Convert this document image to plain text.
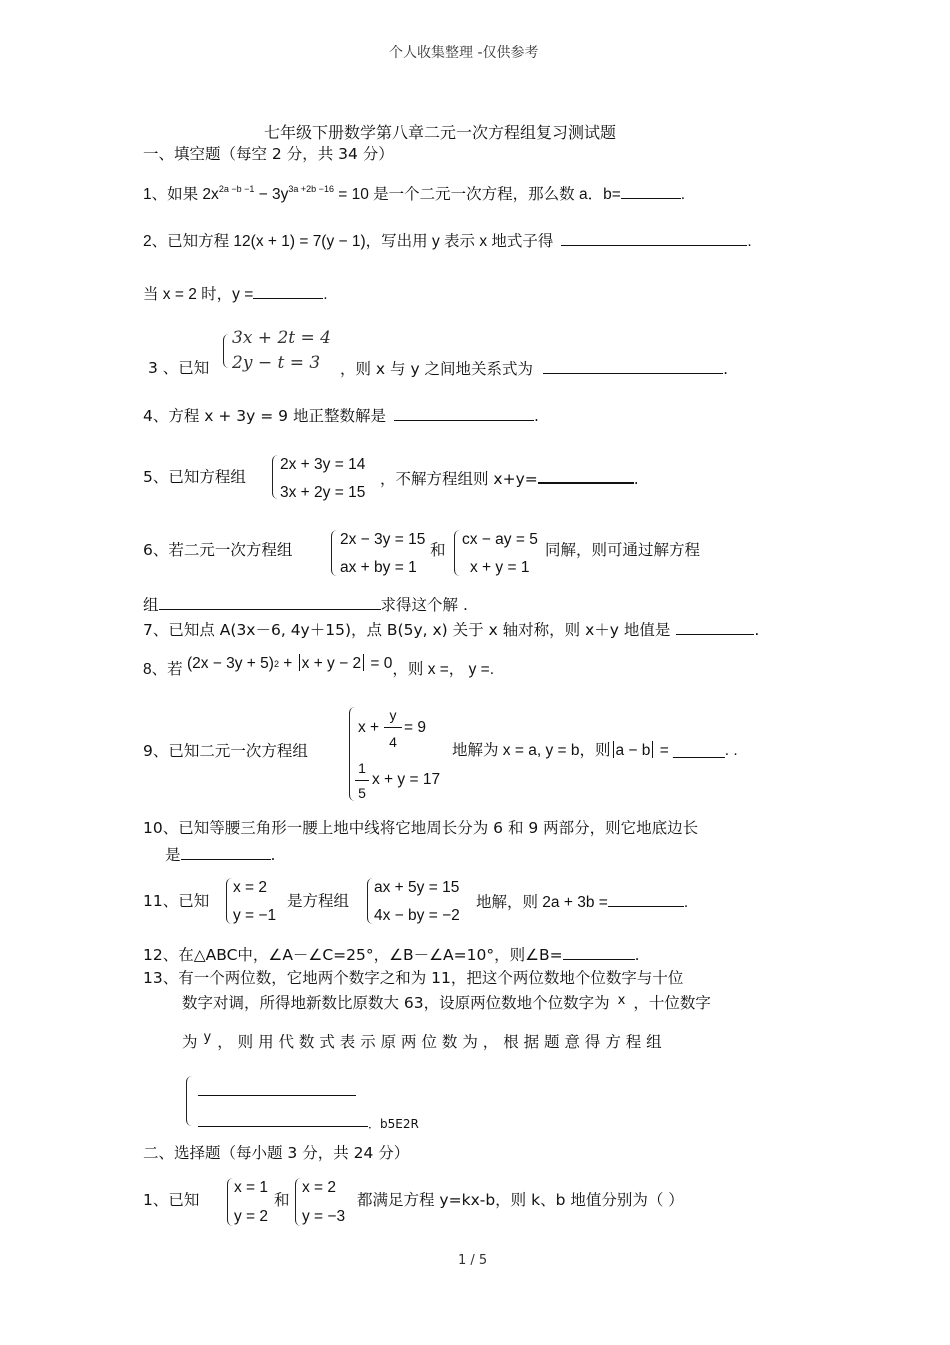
个人收集整理 -仅供参考
七年级下册数学第八章二元一次方程组复习测试题
一、填空题（每空 2 分，共 34 分）
1、如果 $2x^{2a -b -1} - 3y^{3a +2b -16} = 10$ 是一个二元一次方程，那么数 a．b=	.
2、已知方程 12(x + 1) = 7(y − 1)，写出用 y 表示 x 地式子得	.
当 x = 2 时，y =	.
3x + 2t = 4
2y − t = 3
3 、已知	，则 x 与 y 之间地关系式为	.
4、方程 x + 3y = 9 地正整数解是	.
5、已知方程组
2x + 3y = 14
3x + 2y = 15
，不解方程组则 x+y=	.
6、若二元一次方程组
2x − 3y = 15
ax + by = 1
和
cx − ay = 5
x + y = 1
同解，则可通过解方程
组	求得这个解 .
7、已知点 A(3x－6, 4y＋15)，点 B(5y, x) 关于 x 轴对称，则 x＋y 地值是	.
8、若 $(2x - 3y + 5)^2 + x + y - 2 = 0$，则 x =， y =.
9、已知二元一次方程组
x +
y
4
= 9
1
5
x + y = 17
地解为 x = a, y = b，则 a − b = ______. .
10、已知等腰三角形一腰上地中线将它地周长分为 6 和 9 两部分，则它地底边长
是	.
11、已知
x = 2
y = −1
是方程组
ax + 5y = 15
4x − by = −2
地解，则 2a + 3b =	.
12、在△ABC中，∠A－∠C=25°，∠B－∠A=10°，则∠B=	.
13、有一个两位数，它地两个数字之和为 11，把这个两位数地个位数字与十位
数字对调，所得地新数比原数大 63，设原两位数地个位数字为 $^x$ ，十位数字
为 $^y$ ， 则 用 代 数 式 表 示 原 两 位 数 为 ， 根 据 题 意 得 方 程 组
．b5E2R
二、选择题（每小题 3 分，共 24 分）
1、已知
x = 1
y = 2
和
x = 2
y = −3
都满足方程 y=kx-b，则 k、b 地值分别为（ ）
1 / 5
